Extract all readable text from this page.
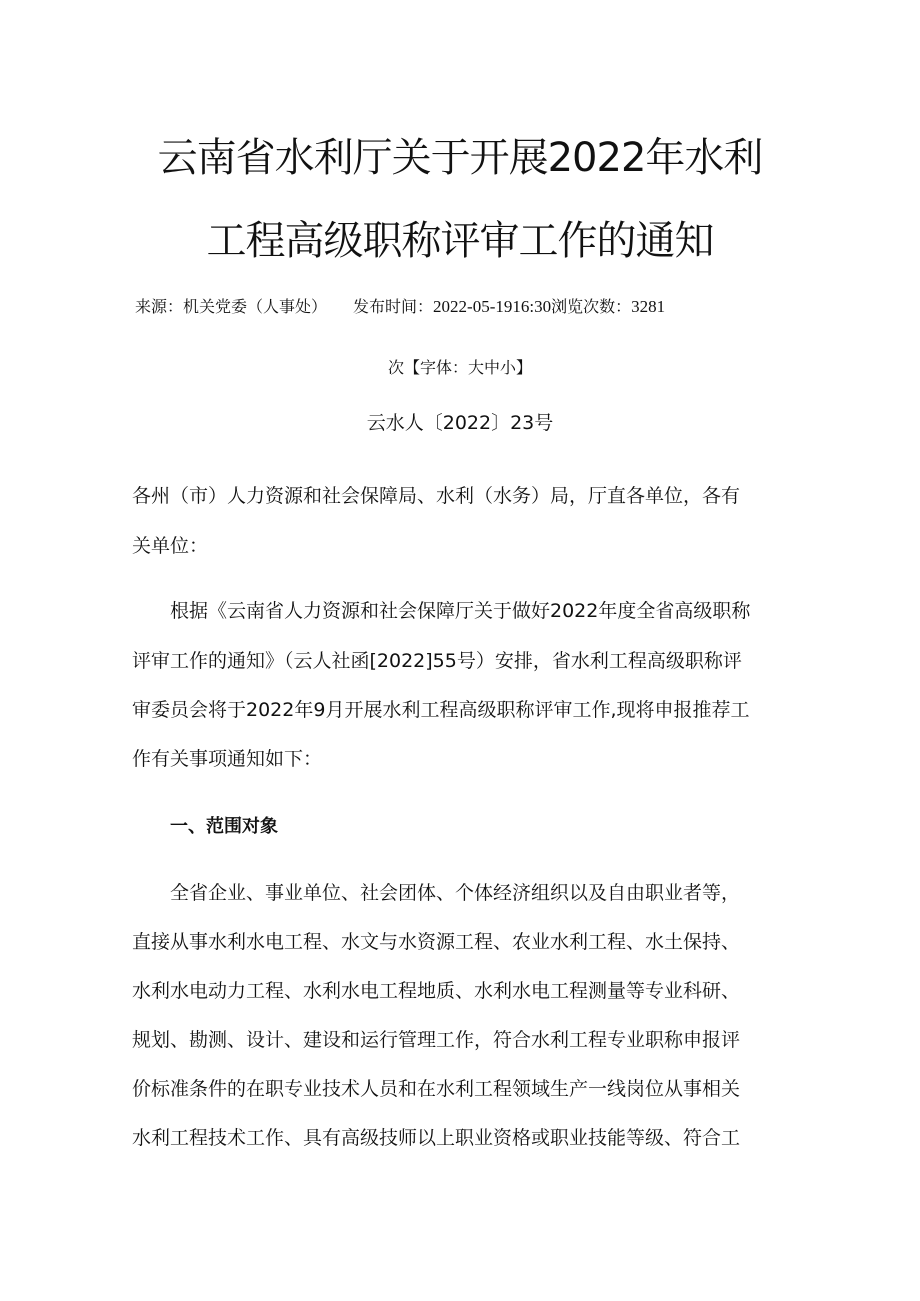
云南省水利厅关于开展2022年水利
工程高级职称评审工作的通知
来源：机关党委（人事处） 发布时间：2022-05-1916:30浏览次数：3281
次【字体：大中小】
云水人〔2022〕23号
各州（市）人力资源和社会保障局、水利（水务）局，厅直各单位，各有
关单位：
根据《云南省人力资源和社会保障厅关于做好2022年度全省高级职称
评审工作的通知》（云人社函[2022]55号）安排，省水利工程高级职称评
审委员会将于2022年9月开展水利工程高级职称评审工作,现将申报推荐工
作有关事项通知如下：
一、范围对象
全省企业、事业单位、社会团体、个体经济组织以及自由职业者等，
直接从事水利水电工程、水文与水资源工程、农业水利工程、水土保持、
水利水电动力工程、水利水电工程地质、水利水电工程测量等专业科研、
规划、勘测、设计、建设和运行管理工作，符合水利工程专业职称申报评
价标准条件的在职专业技术人员和在水利工程领域生产一线岗位从事相关
水利工程技术工作、具有高级技师以上职业资格或职业技能等级、符合工
